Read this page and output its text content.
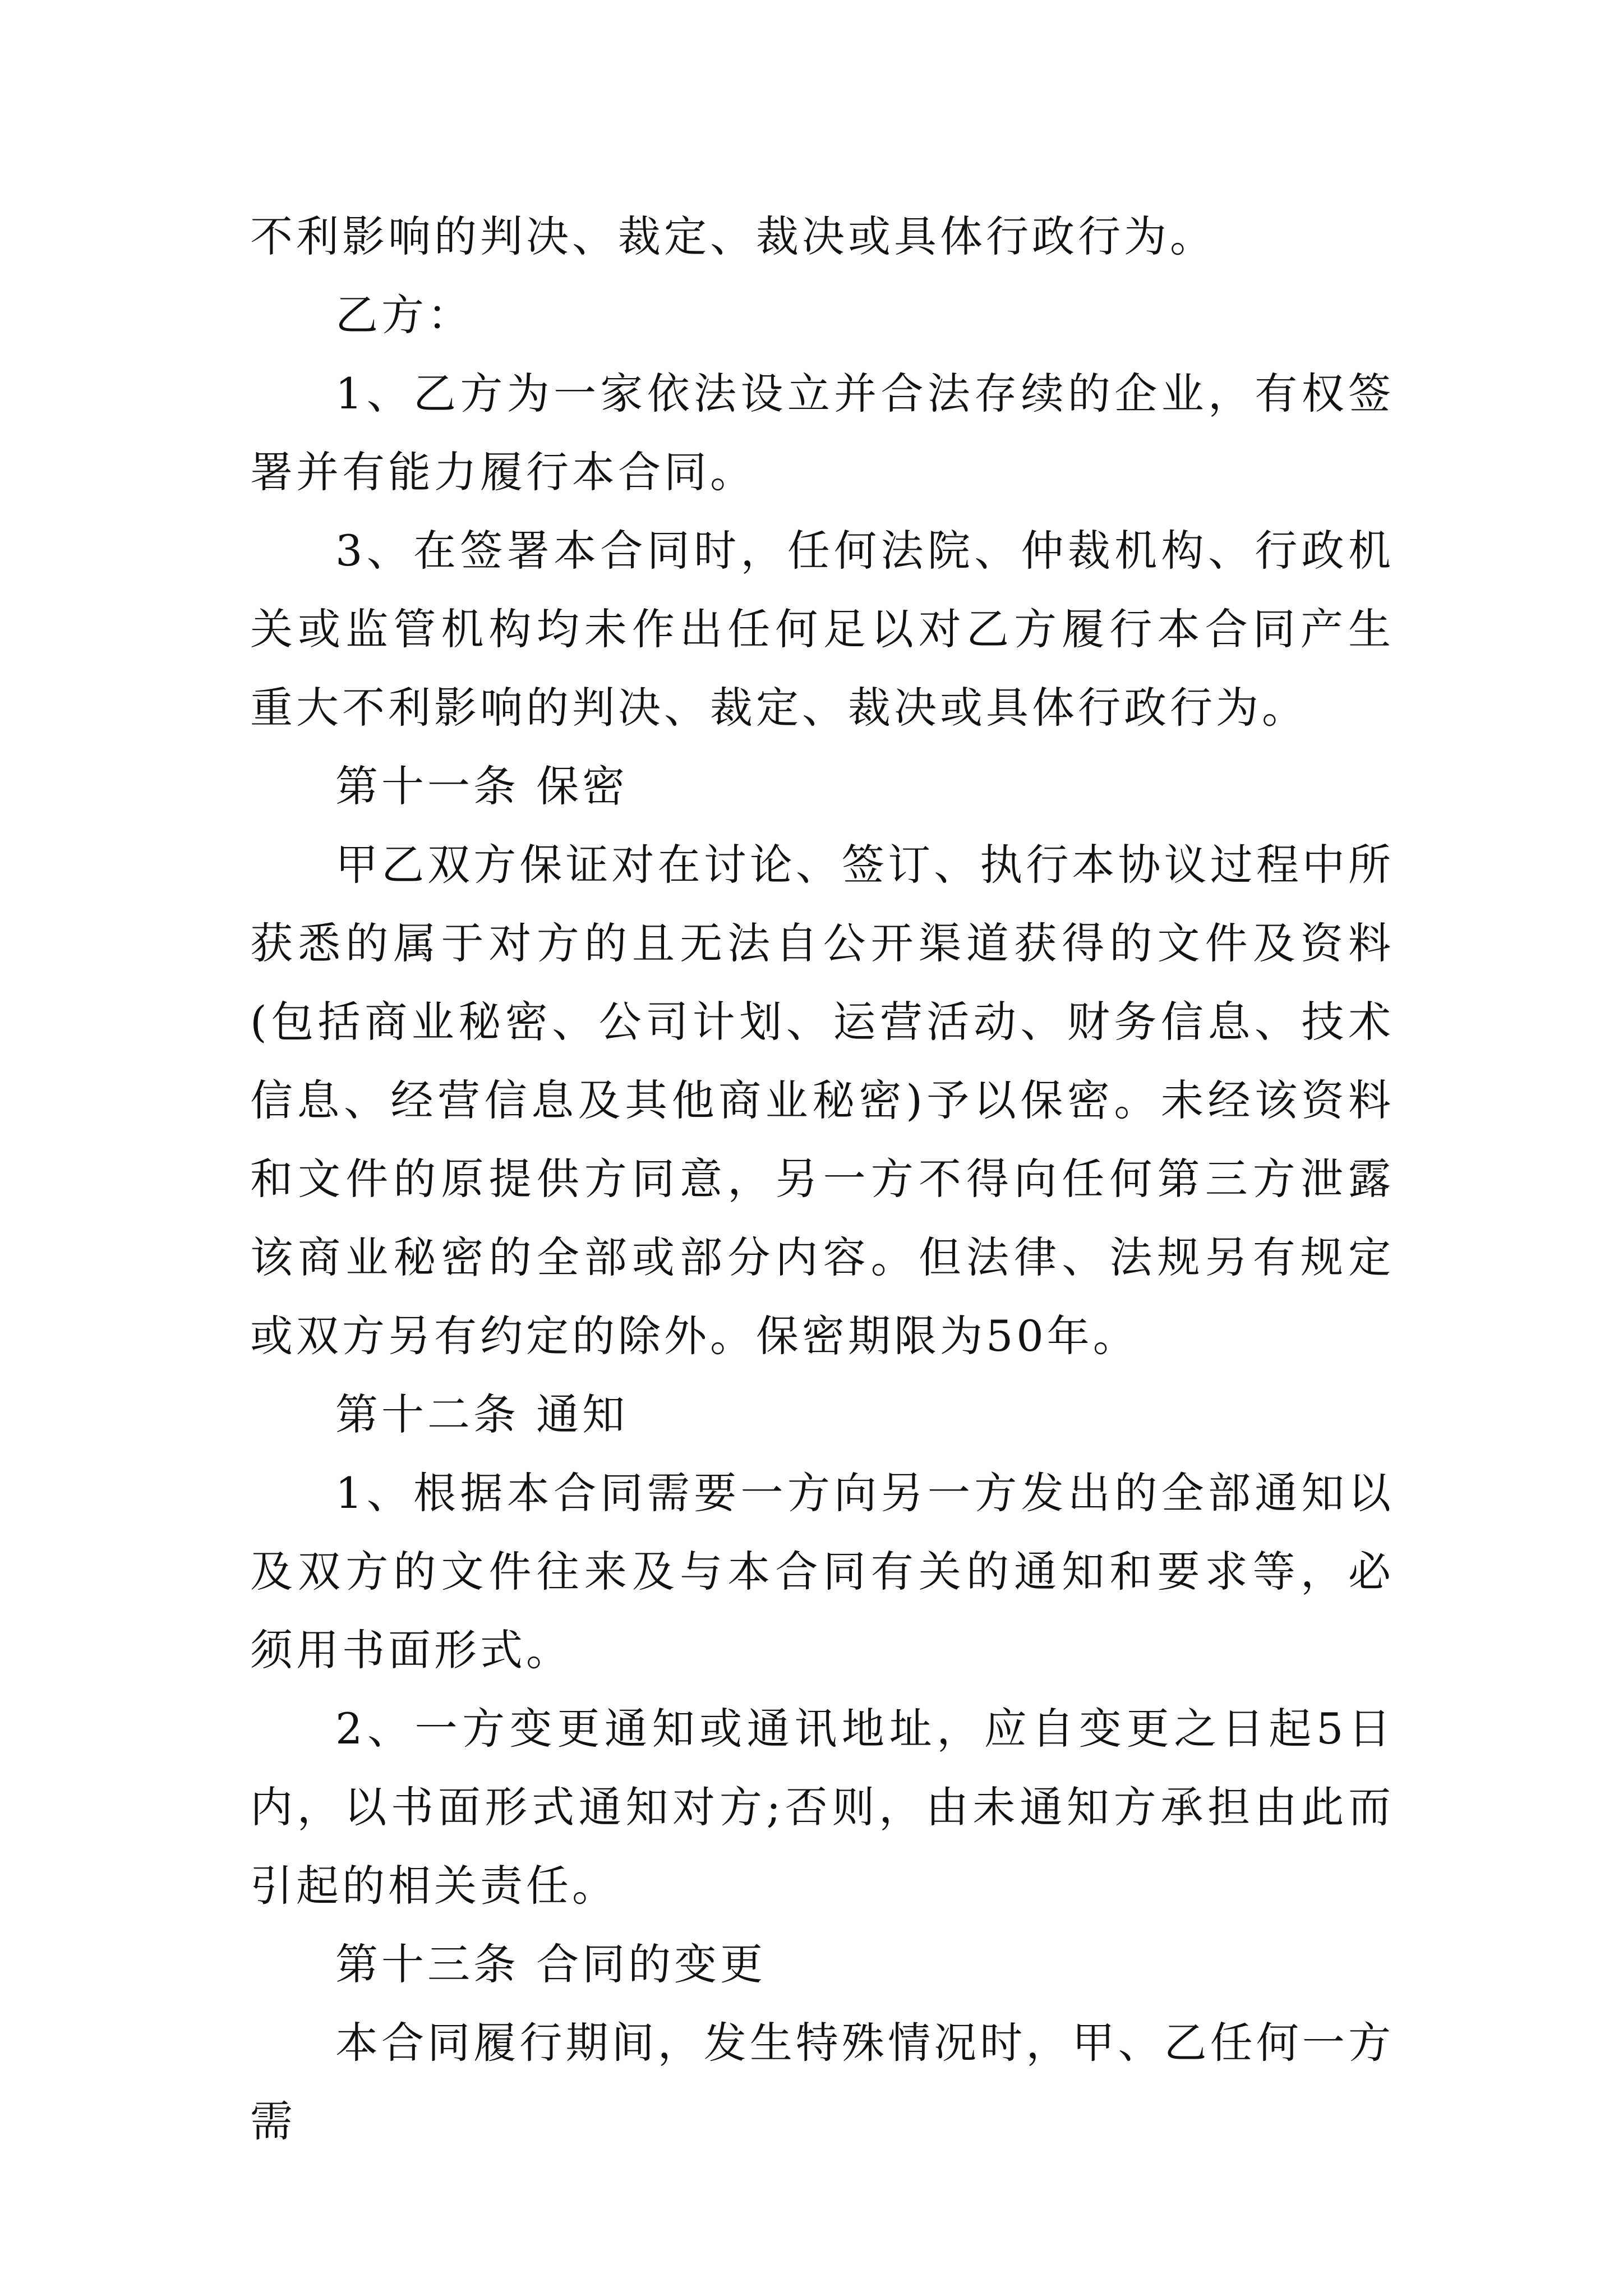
不利影响的判决、裁定、裁决或具体行政行为。

乙方：

1、乙方为一家依法设立并合法存续的企业，有权签署并有能力履行本合同。

3、在签署本合同时，任何法院、仲裁机构、行政机关或监管机构均未作出任何足以对乙方履行本合同产生重大不利影响的判决、裁定、裁决或具体行政行为。

第十一条 保密

甲乙双方保证对在讨论、签订、执行本协议过程中所获悉的属于对方的且无法自公开渠道获得的文件及资料(包括商业秘密、公司计划、运营活动、财务信息、技术信息、经营信息及其他商业秘密)予以保密。未经该资料和文件的原提供方同意，另一方不得向任何第三方泄露该商业秘密的全部或部分内容。但法律、法规另有规定或双方另有约定的除外。保密期限为50年。

第十二条 通知

1、根据本合同需要一方向另一方发出的全部通知以及双方的文件往来及与本合同有关的通知和要求等，必须用书面形式。

2、一方变更通知或通讯地址，应自变更之日起5日内，以书面形式通知对方;否则，由未通知方承担由此而引起的相关责任。

第十三条 合同的变更

本合同履行期间，发生特殊情况时，甲、乙任何一方需
